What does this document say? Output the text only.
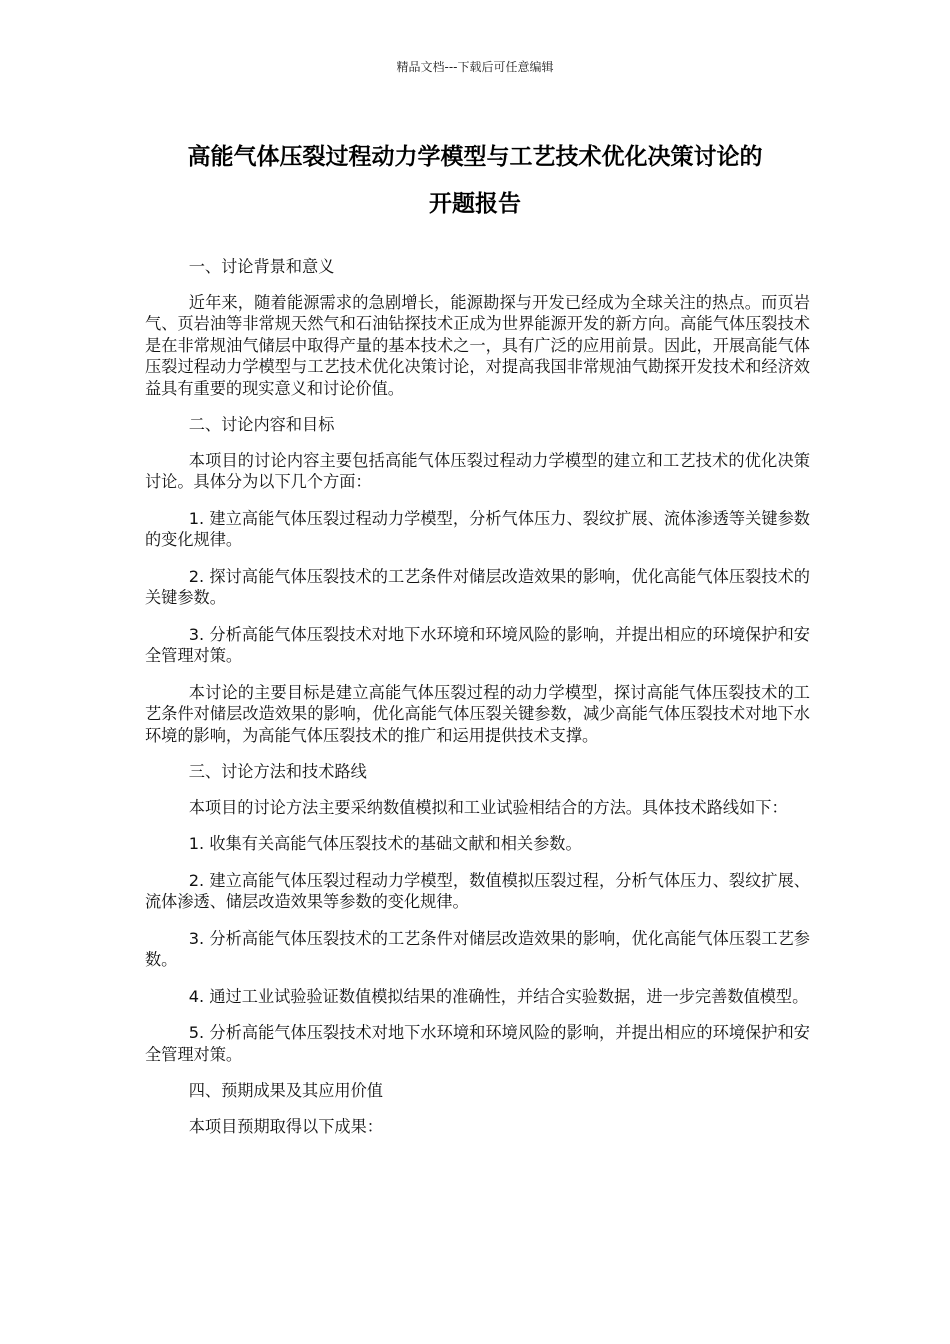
精品文档---下载后可任意编辑
高能气体压裂过程动力学模型与工艺技术优化决策讨论的
开题报告

一、讨论背景和意义

近年来，随着能源需求的急剧增长，能源勘探与开发已经成为全球关注的热点。而页岩气、页岩油等非常规天然气和石油钻探技术正成为世界能源开发的新方向。高能气体压裂技术是在非常规油气储层中取得产量的基本技术之一，具有广泛的应用前景。因此，开展高能气体压裂过程动力学模型与工艺技术优化决策讨论，对提高我国非常规油气勘探开发技术和经济效益具有重要的现实意义和讨论价值。

二、讨论内容和目标

本项目的讨论内容主要包括高能气体压裂过程动力学模型的建立和工艺技术的优化决策讨论。具体分为以下几个方面：

1. 建立高能气体压裂过程动力学模型，分析气体压力、裂纹扩展、流体渗透等关键参数的变化规律。

2. 探讨高能气体压裂技术的工艺条件对储层改造效果的影响，优化高能气体压裂技术的关键参数。

3. 分析高能气体压裂技术对地下水环境和环境风险的影响，并提出相应的环境保护和安全管理对策。

本讨论的主要目标是建立高能气体压裂过程的动力学模型，探讨高能气体压裂技术的工艺条件对储层改造效果的影响，优化高能气体压裂关键参数，减少高能气体压裂技术对地下水环境的影响，为高能气体压裂技术的推广和运用提供技术支撑。

三、讨论方法和技术路线

本项目的讨论方法主要采纳数值模拟和工业试验相结合的方法。具体技术路线如下：

1. 收集有关高能气体压裂技术的基础文献和相关参数。

2. 建立高能气体压裂过程动力学模型，数值模拟压裂过程，分析气体压力、裂纹扩展、流体渗透、储层改造效果等参数的变化规律。

3. 分析高能气体压裂技术的工艺条件对储层改造效果的影响，优化高能气体压裂工艺参数。

4. 通过工业试验验证数值模拟结果的准确性，并结合实验数据，进一步完善数值模型。

5. 分析高能气体压裂技术对地下水环境和环境风险的影响，并提出相应的环境保护和安全管理对策。

四、预期成果及其应用价值

本项目预期取得以下成果：
